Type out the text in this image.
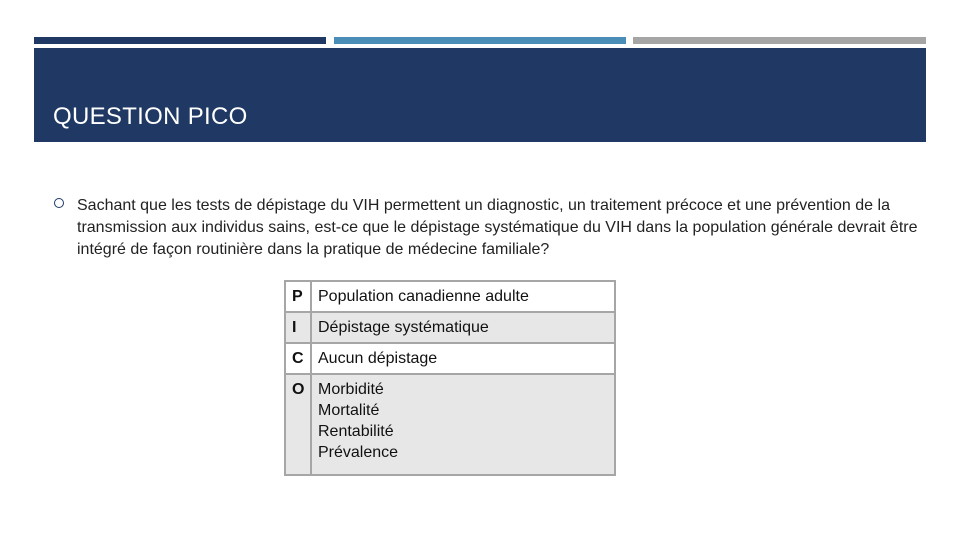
QUESTION PICO

Sachant que les tests de dépistage du VIH permettent un diagnostic, un traitement précoce et une prévention de la transmission aux individus sains, est-ce que le dépistage systématique du VIH dans la population générale devrait être intégré de façon routinière dans la pratique de médecine familiale?

P	Population canadienne adulte
I	Dépistage systématique
C	Aucun dépistage
O	Morbidité
Mortalité
Rentabilité
Prévalence
